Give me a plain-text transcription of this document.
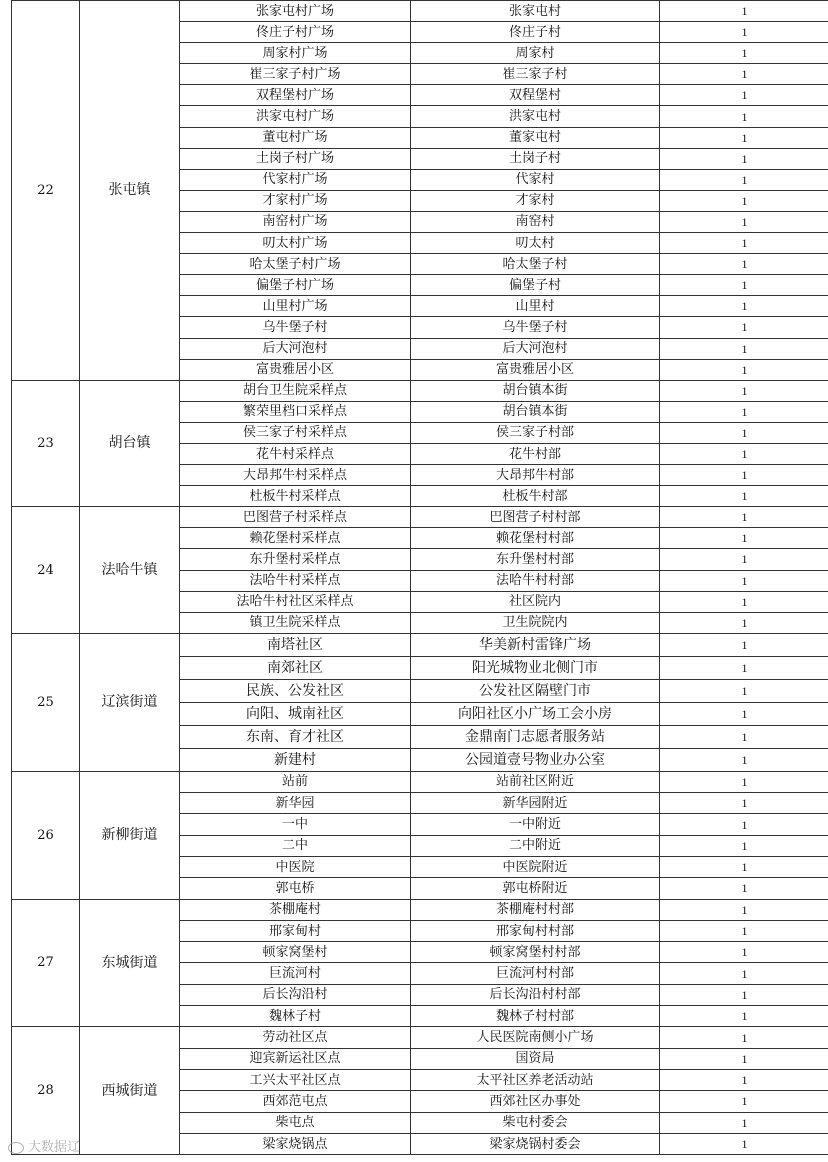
22	张屯镇	张家屯村广场	张家屯村	1
		佟庄子村广场	佟庄子村	1
		周家村广场	周家村	1
		崔三家子村广场	崔三家子村	1
		双程堡村广场	双程堡村	1
		洪家屯村广场	洪家屯村	1
		董屯村广场	董家屯村	1
		土岗子村广场	土岗子村	1
		代家村广场	代家村	1
		才家村广场	才家村	1
		南窑村广场	南窑村	1
		叨太村广场	叨太村	1
		哈太堡子村广场	哈太堡子村	1
		偏堡子村广场	偏堡子村	1
		山里村广场	山里村	1
		乌牛堡子村	乌牛堡子村	1
		后大河泡村	后大河泡村	1
		富贵雅居小区	富贵雅居小区	1
23	胡台镇	胡台卫生院采样点	胡台镇本街	1
		繁荣里档口采样点	胡台镇本街	1
		侯三家子村采样点	侯三家子村部	1
		花牛村采样点	花牛村部	1
		大昂邦牛村采样点	大昂邦牛村部	1
		杜板牛村采样点	杜板牛村部	1
24	法哈牛镇	巴图营子村采样点	巴图营子村村部	1
		赖花堡村采样点	赖花堡村村部	1
		东升堡村采样点	东升堡村村部	1
		法哈牛村采样点	法哈牛村村部	1
		法哈牛村社区采样点	社区院内	1
		镇卫生院采样点	卫生院院内	1
25	辽滨街道	南塔社区	华美新村雷锋广场	1
		南郊社区	阳光城物业北侧门市	1
		民族、公发社区	公发社区隔壁门市	1
		向阳、城南社区	向阳社区小广场工会小房	1
		东南、育才社区	金鼎南门志愿者服务站	1
		新建村	公园道壹号物业办公室	1
26	新柳街道	站前	站前社区附近	1
		新华园	新华园附近	1
		一中	一中附近	1
		二中	二中附近	1
		中医院	中医院附近	1
		郭屯桥	郭屯桥附近	1
27	东城街道	茶棚庵村	茶棚庵村村部	1
		邢家甸村	邢家甸村村部	1
		顿家窝堡村	顿家窝堡村村部	1
		巨流河村	巨流河村村部	1
		后长沟沿村	后长沟沿村村部	1
		魏林子村	魏林子村村部	1
28	西城街道	劳动社区点	人民医院南侧小广场	1
		迎宾新运社区点	国资局	1
		工兴太平社区点	太平社区养老活动站	1
		西郊范屯点	西郊社区办事处	1
		柴屯点	柴屯村委会	1
		梁家烧锅点	梁家烧锅村委会	1
大数据辽
